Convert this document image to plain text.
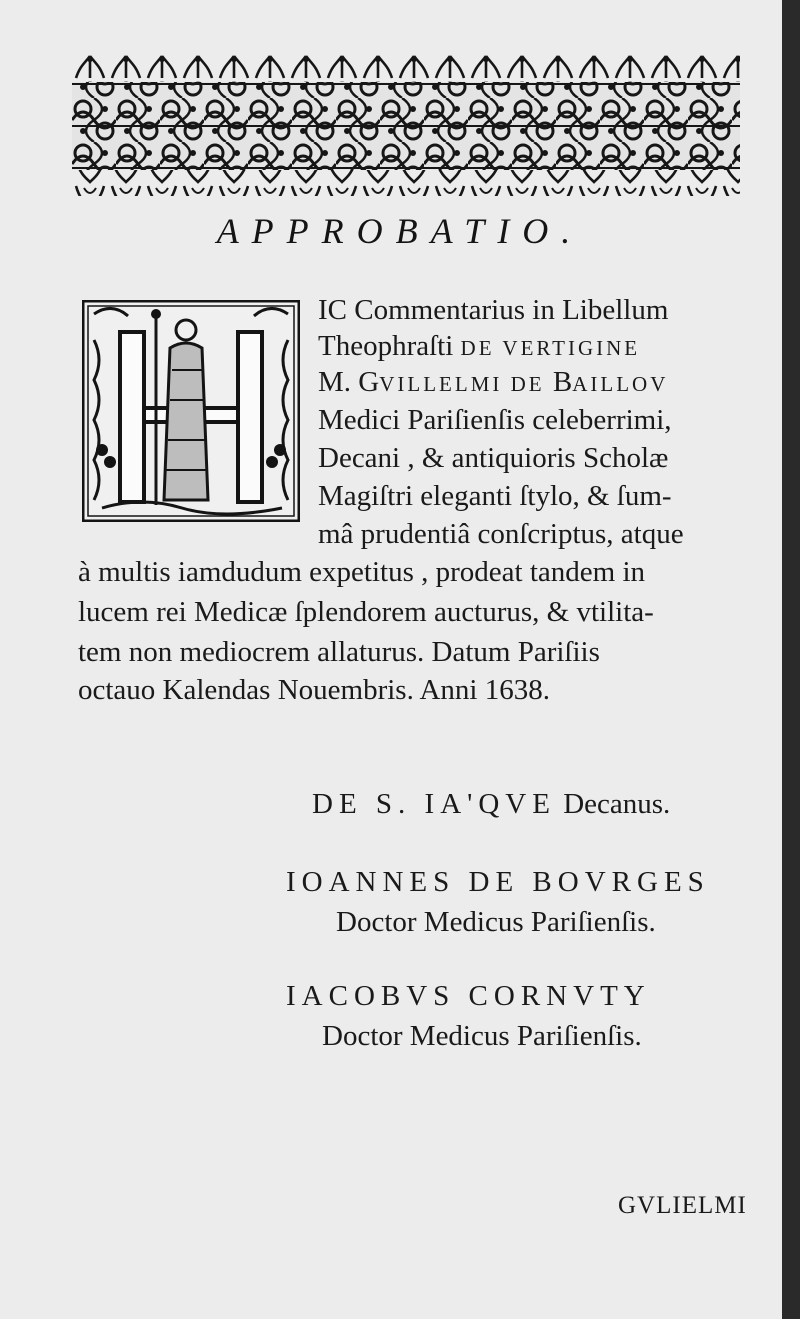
APPROBATIO.
IC Commentarius in Libellum
Theophraſti DE VERTIGINE
M. GVILLELMI DE BAILLOV
Medici Pariſienſis celeberrimi,
Decani , & antiquioris Scholæ
Magiſtri eleganti ſtylo, & ſum-
mâ prudentiâ conſcriptus, atque
à multis iamdudum expetitus , prodeat tandem in
lucem rei Medicæ ſplendorem aucturus, & vtilita-
tem non mediocrem allaturus. Datum Pariſiis
octauo Kalendas Nouembris. Anni 1638.
DE S. IA'QVE Decanus.
IOANNES DE BOVRGES
Doctor Medicus Pariſienſis.
IACOBVS CORNVTY
Doctor Medicus Pariſienſis.
GVLIELMI
